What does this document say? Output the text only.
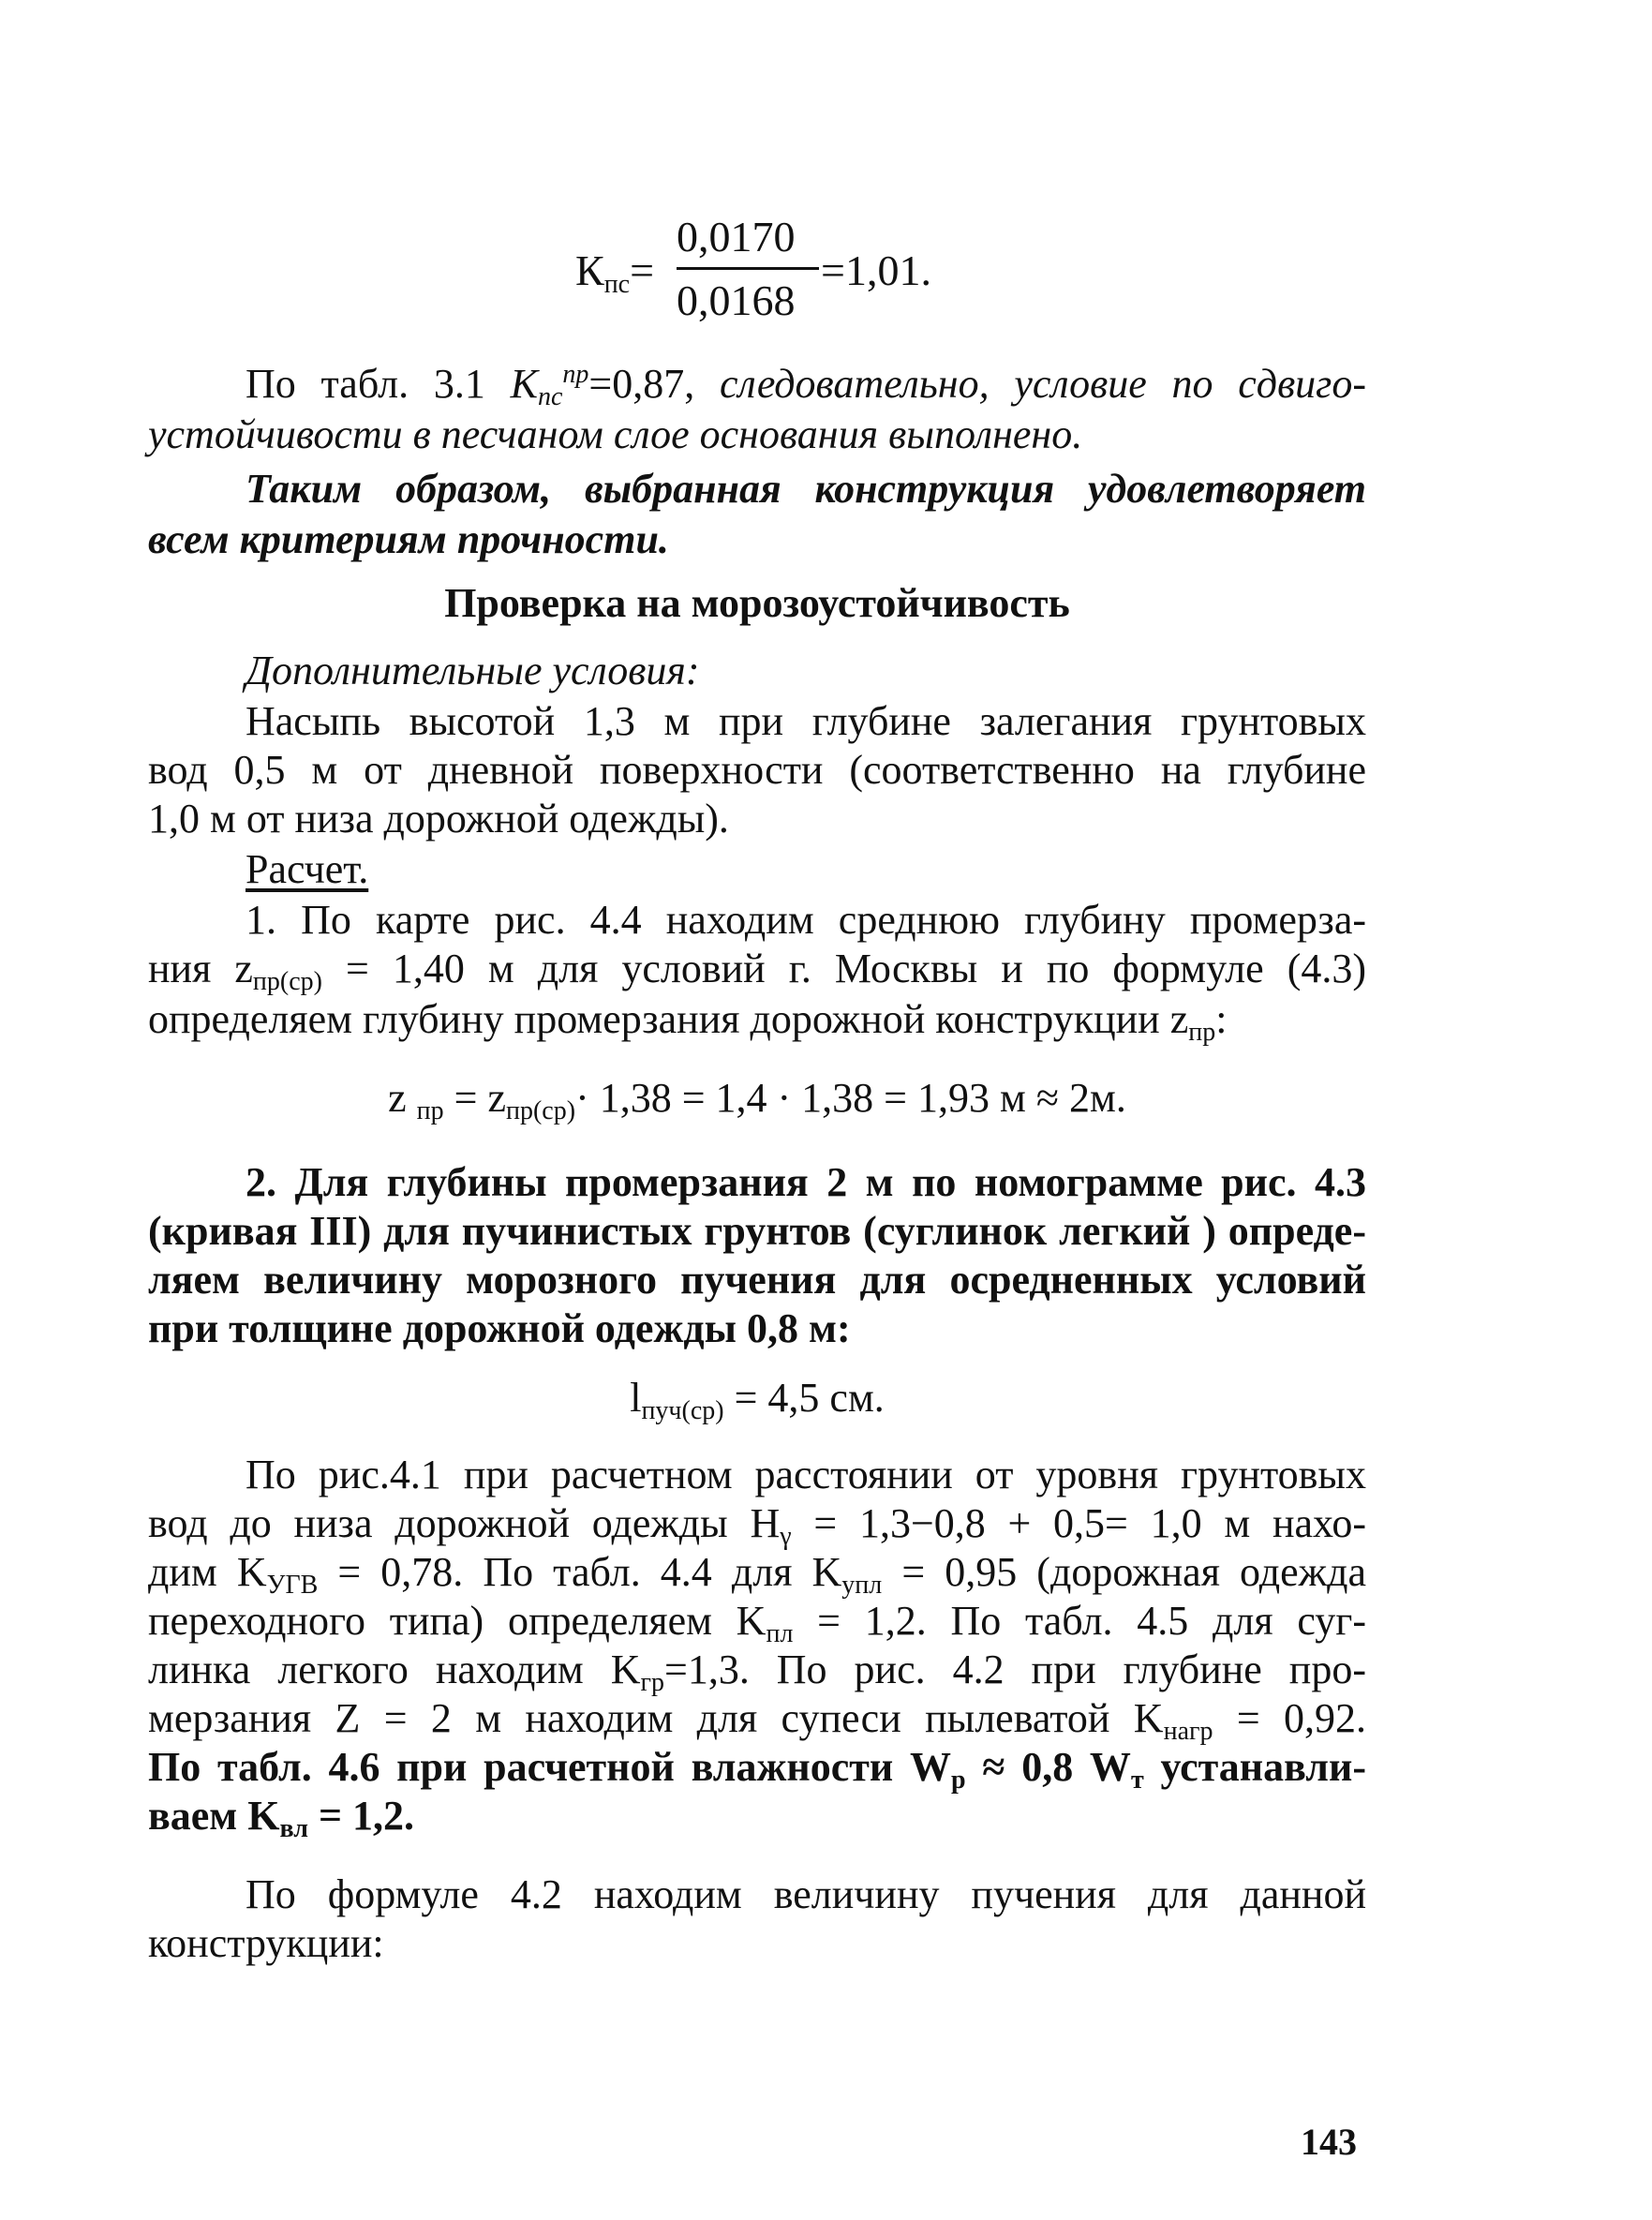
$К_{пс}=$
0,0170
0,0168
=1,01.
По табл. 3.1 $K_{пс}^{пр}=0,87$, следовательно, условие по сдвиго-
устойчивости в песчаном слое основания выполнено.
Таким образом, выбранная конструкция удовлетворяет
всем критериям прочности.
Проверка на морозоустойчивость
Дополнительные условия:
Насыпь высотой 1,3 м при глубине залегания грунтовых
вод 0,5 м от дневной поверхности (соответственно на глубине
1,0 м от низа дорожной одежды).
Расчет.
1. По карте рис. 4.4 находим среднюю глубину промерза-
ния $z_{пр(ср)} = 1,40$ м для условий г. Москвы и по формуле (4.3)
определяем глубину промерзания дорожной конструкции $z_{пр}$:
z $_{пр} = z_{пр(ср)}\cdot 1,38 = 1,4 \cdot 1,38 = 1,93$ м ≈ 2м.
2. Для глубины промерзания 2 м по номограмме рис. 4.3
(кривая III) для пучинистых грунтов (суглинок легкий ) опреде-
ляем величину морозного пучения для осредненных условий
при толщине дорожной одежды 0,8 м:
$l_{пуч(ср)} = 4,5$ см.
По рис.4.1 при расчетном расстоянии от уровня грунтовых
вод до низа дорожной одежды $H_\gamma = 1,3-0,8 + 0,5= 1,0$ м нахо-
дим $K_{УГВ} = 0,78$. По табл. 4.4 для $K_{упл} = 0,95$ (дорожная одежда
переходного типа) определяем $K_{пл} = 1,2$. По табл. 4.5 для суг-
линка легкого находим $K_{гр}=1,3$. По рис. 4.2 при глубине про-
мерзания Z = 2 м находим для супеси пылеватой $K_{нагр} = 0,92$.
По табл. 4.6 при расчетной влажности $W_р \approx 0,8$ $W_т$ устанавли-
ваем $K_{вл} = 1,2$.
По формуле 4.2 находим величину пучения для данной
конструкции:
143
